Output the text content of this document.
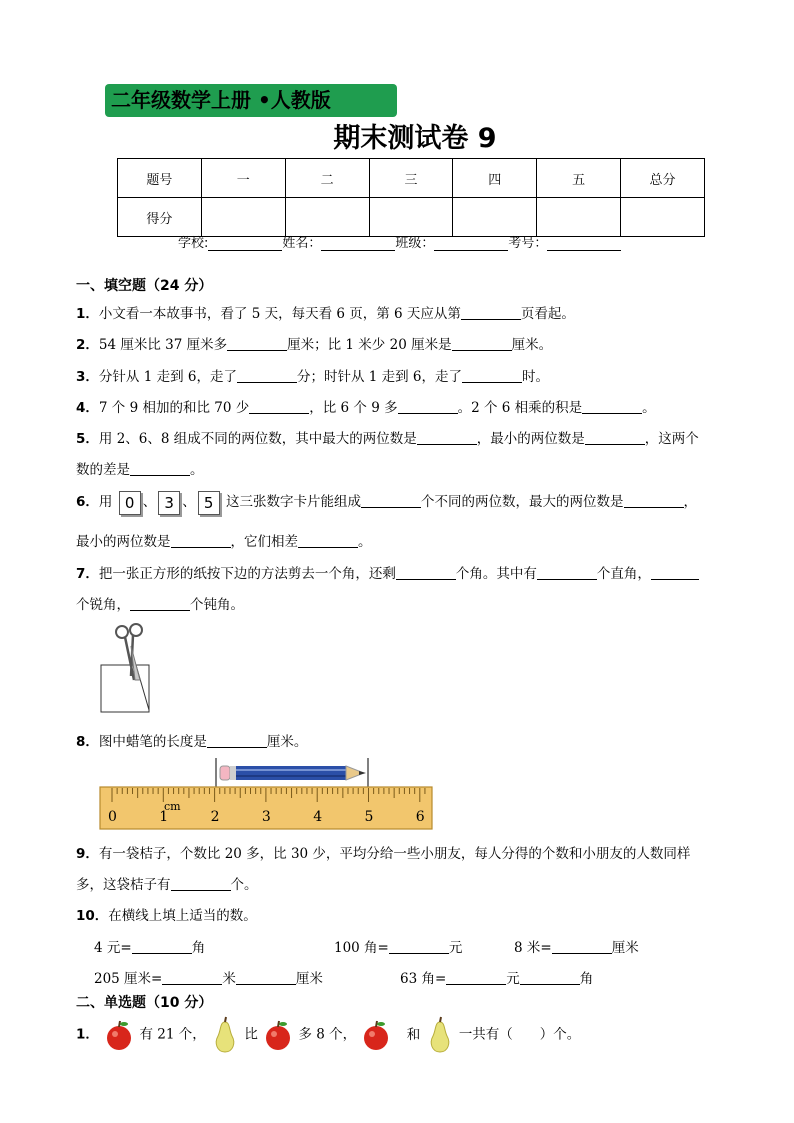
二年级数学上册 •人教版
期末测试卷 9
题号	一	二	三	四	五	总分
得分						
学校:	姓名：	班级：	考号：
一、填空题（24 分）
1．小文看一本故事书，看了 5 天，每天看 6 页，第 6 天应从第	页看起。
2．54 厘米比 37 厘米多	厘米；比 1 米少 20 厘米是	厘米。
3．分针从 1 走到 6，走了	分；时针从 1 走到 6，走了	时。
4．7 个 9 相加的和比 70 少	，比 6 个 9 多	。2 个 6 相乘的积是	。
5．用 2、6、8 组成不同的两位数，其中最大的两位数是	，最小的两位数是	，这两个
数的差是	。
6．用 0 、 3 、 5 这三张数字卡片能组成	个不同的两位数，最大的两位数是	，
最小的两位数是	，它们相差	。
7．把一张正方形的纸按下边的方法剪去一个角，还剩	个角。其中有	个直角，
个锐角，	个钝角。
8．图中蜡笔的长度是	厘米。
cm
0	1	2	3	4	5	6
9．有一袋桔子，个数比 20 多，比 30 少，平均分给一些小朋友，每人分得的个数和小朋友的人数同样
多，这袋桔子有	个。
10．在横线上填上适当的数。
4 元=	角	100 角=	元	8 米=	厘米
205 厘米=	米	厘米	63 角=	元	角
二、单选题（10 分）
1．	有 21 个，	比	多 8 个，	和	一共有（　　）个。
